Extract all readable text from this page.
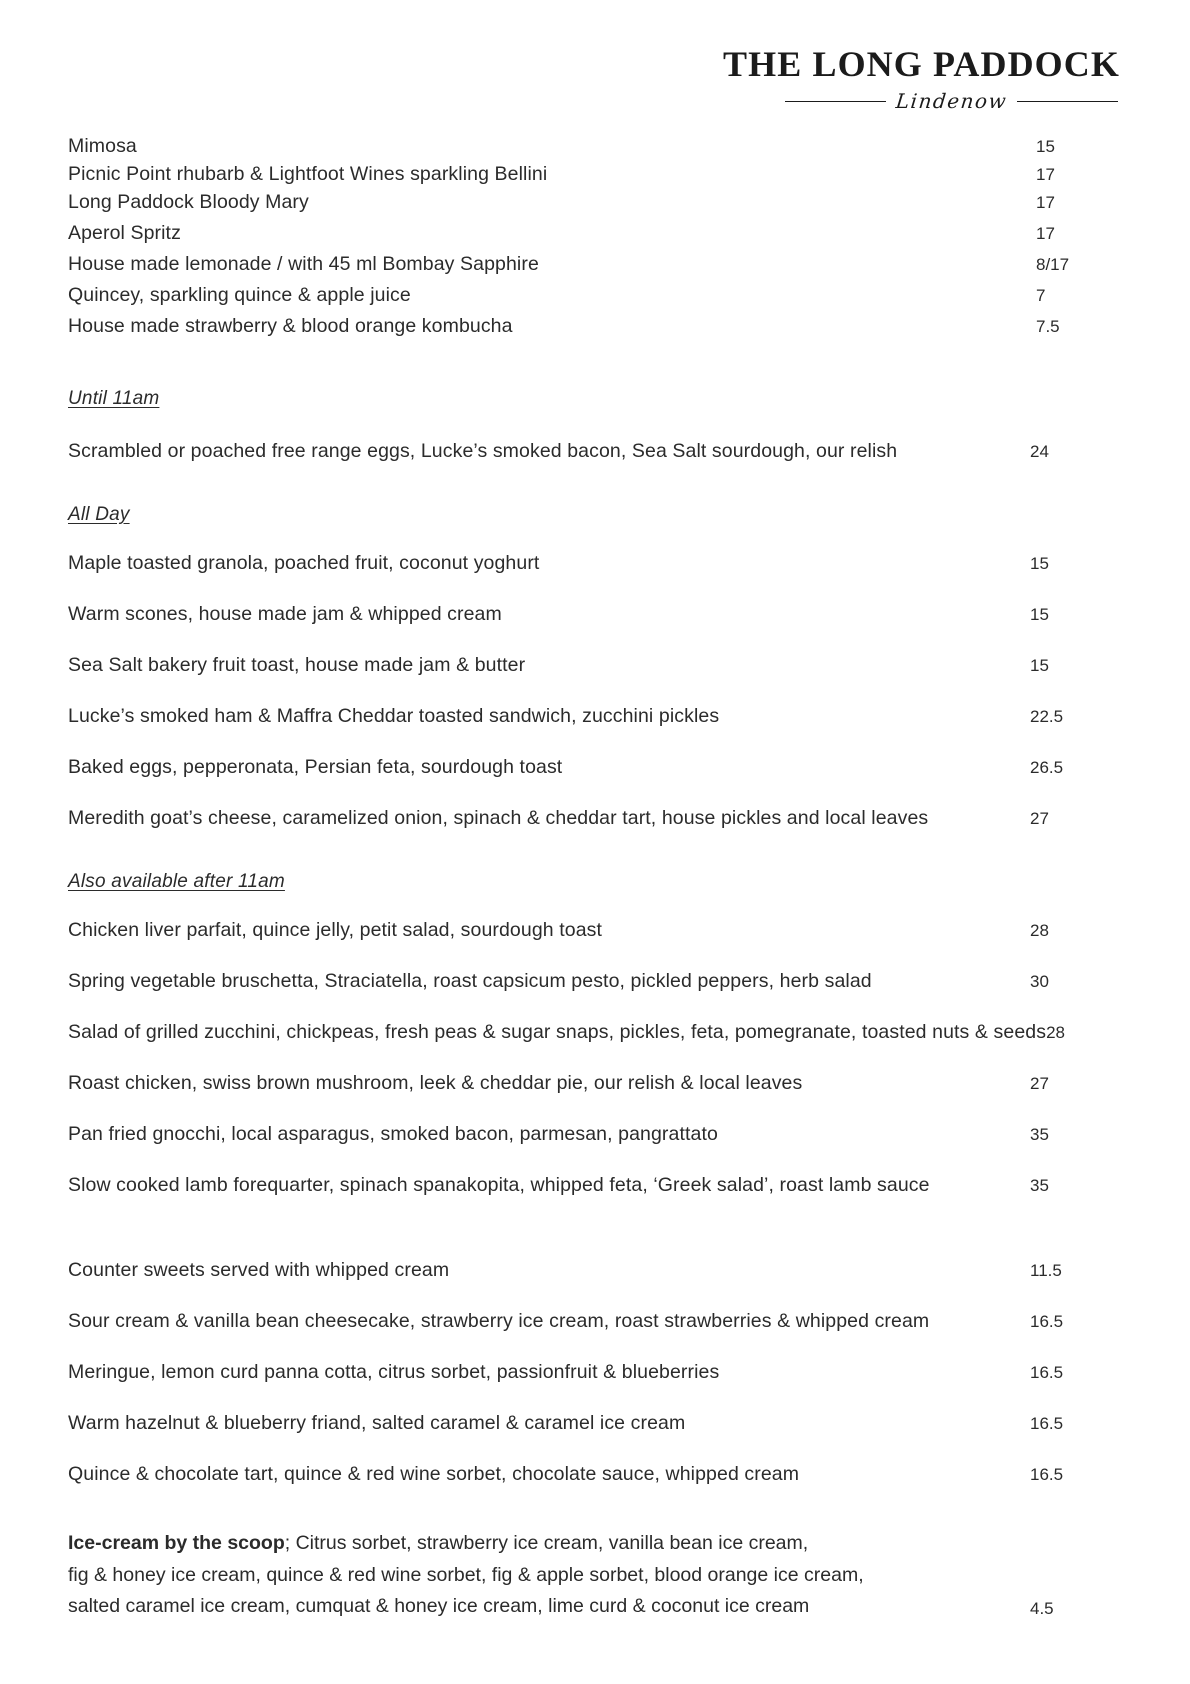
THE LONG PADDOCK
Lindenow
Mimosa	15
Picnic Point rhubarb & Lightfoot Wines sparkling Bellini	17
Long Paddock Bloody Mary	17
Aperol Spritz	17
House made lemonade / with 45 ml Bombay Sapphire	8/17
Quincey, sparkling quince & apple juice	7
House made strawberry & blood orange kombucha	7.5
Until 11am
Scrambled or poached free range eggs, Lucke’s smoked bacon, Sea Salt sourdough, our relish	24
All Day
Maple toasted granola, poached fruit, coconut yoghurt	15
Warm scones, house made jam & whipped cream	15
Sea Salt bakery fruit toast, house made jam & butter	15
Lucke’s smoked ham & Maffra Cheddar toasted sandwich, zucchini pickles	22.5
Baked eggs, pepperonata, Persian feta, sourdough toast	26.5
Meredith goat’s cheese, caramelized onion, spinach & cheddar tart, house pickles and local leaves	27
Also available after 11am
Chicken liver parfait, quince jelly, petit salad, sourdough toast	28
Spring vegetable bruschetta, Straciatella, roast capsicum pesto, pickled peppers, herb salad	30
Salad of grilled zucchini, chickpeas, fresh peas & sugar snaps, pickles, feta, pomegranate, toasted nuts & seeds 28
Roast chicken, swiss brown mushroom, leek & cheddar pie, our relish & local leaves	27
Pan fried gnocchi, local asparagus, smoked bacon, parmesan, pangrattato	35
Slow cooked lamb forequarter, spinach spanakopita, whipped feta, ‘Greek salad’, roast lamb sauce	35
Counter sweets served with whipped cream	11.5
Sour cream & vanilla bean cheesecake, strawberry ice cream, roast strawberries & whipped cream	16.5
Meringue, lemon curd panna cotta, citrus sorbet, passionfruit & blueberries	16.5
Warm hazelnut & blueberry friand, salted caramel & caramel ice cream	16.5
Quince & chocolate tart, quince & red wine sorbet, chocolate sauce, whipped cream	16.5
Ice-cream by the scoop; Citrus sorbet, strawberry ice cream, vanilla bean ice cream,
fig & honey ice cream, quince & red wine sorbet, fig & apple sorbet, blood orange ice cream,
salted caramel ice cream, cumquat & honey ice cream, lime curd & coconut ice cream	4.5
